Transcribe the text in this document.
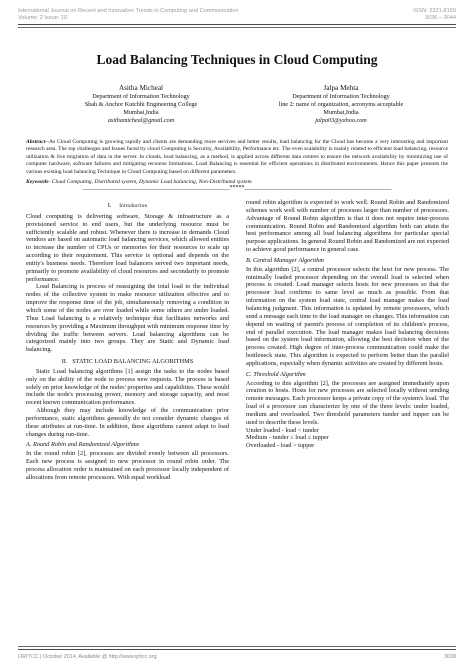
International Journal on Recent and Innovation Trends in Computing and Communication	ISSN: 2321-8169
Volume: 2 Issue: 10	3036 – 3044
Load Balancing Techniques in Cloud Computing
Asitha Micheal
Department of Information Technology
Shah & Anchor Kutchhi Engineering College
Mumbai,India
asithamicheal@gmail.com
Jalpa Mehta
Department of Information Technology
line 2: name of organization, acronyms acceptable
Mumbai,India
jalpa03@yahoo.com
Abstract--As Cloud Computing is growing rapidly and clients are demanding more services and better results, load balancing for the Cloud has become a very interesting and important research area. The top challenges and Issues faced by cloud Computing is Security, Availability, Performance etc. The even scalability is mainly related to efficient load balancing, resource utilization & live migration of data in the server. In clouds, load balancing, as a method, is applied across different data centres to ensure the network availability by minimizing use of computer hardware, software failures and mitigating recourse limitations. Load Balancing is essential for efficient operations in distributed environments. Hence this paper presents the various existing load balancing Technique in Cloud Computing based on different parameters.
Keywords- Cloud Computing, Distributed system, Dynamic Load balancing, Non-Distributed system
_________________________________________________*****_________________________________________________
I. Introduction

Cloud computing is delivering software, Storage & infrastructure as a provisioned service to end users, but the underlying resource must be sufficiently scalable and robust. Whenever there is increase in demands Cloud vendors are based on automatic load balancing services, which allowed entities to increase the number of CPUs or memories for their resources to scale up according to their requirement. This service is optional and depends on the entity's business needs. Therefore load balancers served two important needs, primarily to promote availability of cloud resources and secondarily to promote performance.

Load Balancing is process of reassigning the total load to the individual nodes of the collective system to make resource utilization effective and to improve the response time of the job, simultaneously removing a condition in which some of the nodes are over loaded while some others are under loaded. Thus Load balancing is a relatively technique that facilitates networks and resources by providing a Maximum throughput with minimum response time by dividing the traffic between servers. Load balancing algorithms can be categorized mainly into two groups. They are Static and Dynamic load balancing.

II. STATIC LOAD BALANCING ALGORITHMS

Static Load balancing algorithms [1] assign the tasks to the nodes based only on the ability of the node to process new requests. The process is based solely on prior knowledge of the nodes' properties and capabilities. These would include the node's processing power, memory and storage capacity, and most recent known communication performance.

Although they may include knowledge of the communication prior performance, static algorithms generally do not consider dynamic changes of these attributes at run-time. In addition, these algorithms cannot adapt to load changes during run-time.

A. Round Robin and Randomized Algorithms

In the round robin [2], processes are divided evenly between all processors. Each new process is assigned to new processor in round robin order. The process allocation order is maintained on each processor locally independent of allocations from remote processors. With equal workload

round robin algorithm is expected to work well. Round Robin and Randomized schemes work well with number of processes larger than number of processors. Advantage of Round Robin algorithm is that it does not require inter-process communication. Round Robin and Randomized algorithm both can attain the best performance among all load balancing algorithms for particular special purpose applications. In general Round Robin and Randomized are not expected to achieve good performance in general case.

B. Central Manager Algorithm

In this algorithm [2], a central processor selects the host for new process. The minimally loaded processor depending on the overall load is selected when process is created. Load manager selects hosts for new processes so that the processor load confirms to same level as much as possible. From that information on the system load state, central load manager makes the load balancing judgment. This information is updated by remote processors, which send a message each time to the load manager on changes. This information can depend on waiting of parent's process of completion of its children's process, end of parallel execution. The load manager makes load balancing decisions based on the system load information, allowing the best decision when of the process created. High degree of inter-process communication could make the bottleneck state. This algorithm is expected to perform better than the parallel applications, especially when dynamic activities are created by different hosts.

C. Threshold Algorithm

According to this algorithm [2], the processes are assigned immediately upon creation to hosts. Hosts for new processes are selected locally without sending remote messages. Each processor keeps a private copy of the system's load. The load of a processor can characterize by one of the three levels: under loaded, medium and overloaded. Two threshold parameters tunder and tupper can be used to describe these levels.

Under loaded - load < tunder
Medium - tunder ≤ load ≤ tupper
Overloaded - load > tupper
IJRITCC | October 2014, Available @ http://www.ijritcc.org	3038
